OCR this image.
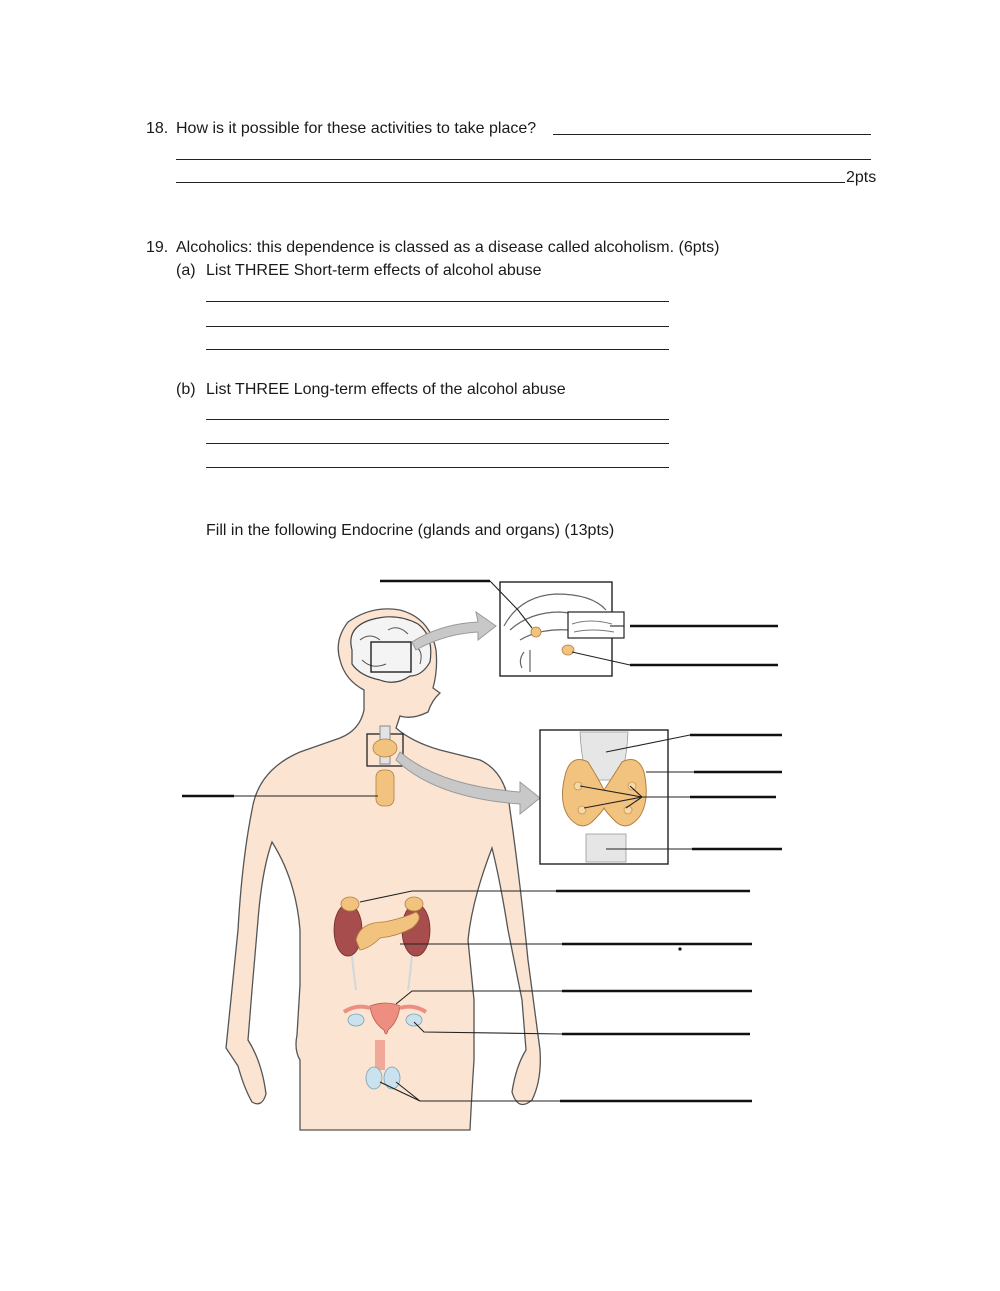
18. How is it possible for these activities to take place?
2pts
19. Alcoholics: this dependence is classed as a disease called alcoholism. (6pts)
(a) List THREE Short-term effects of alcohol abuse
(b) List THREE Long-term effects of the alcohol abuse
Fill in the following Endocrine (glands and organs) (13pts)
